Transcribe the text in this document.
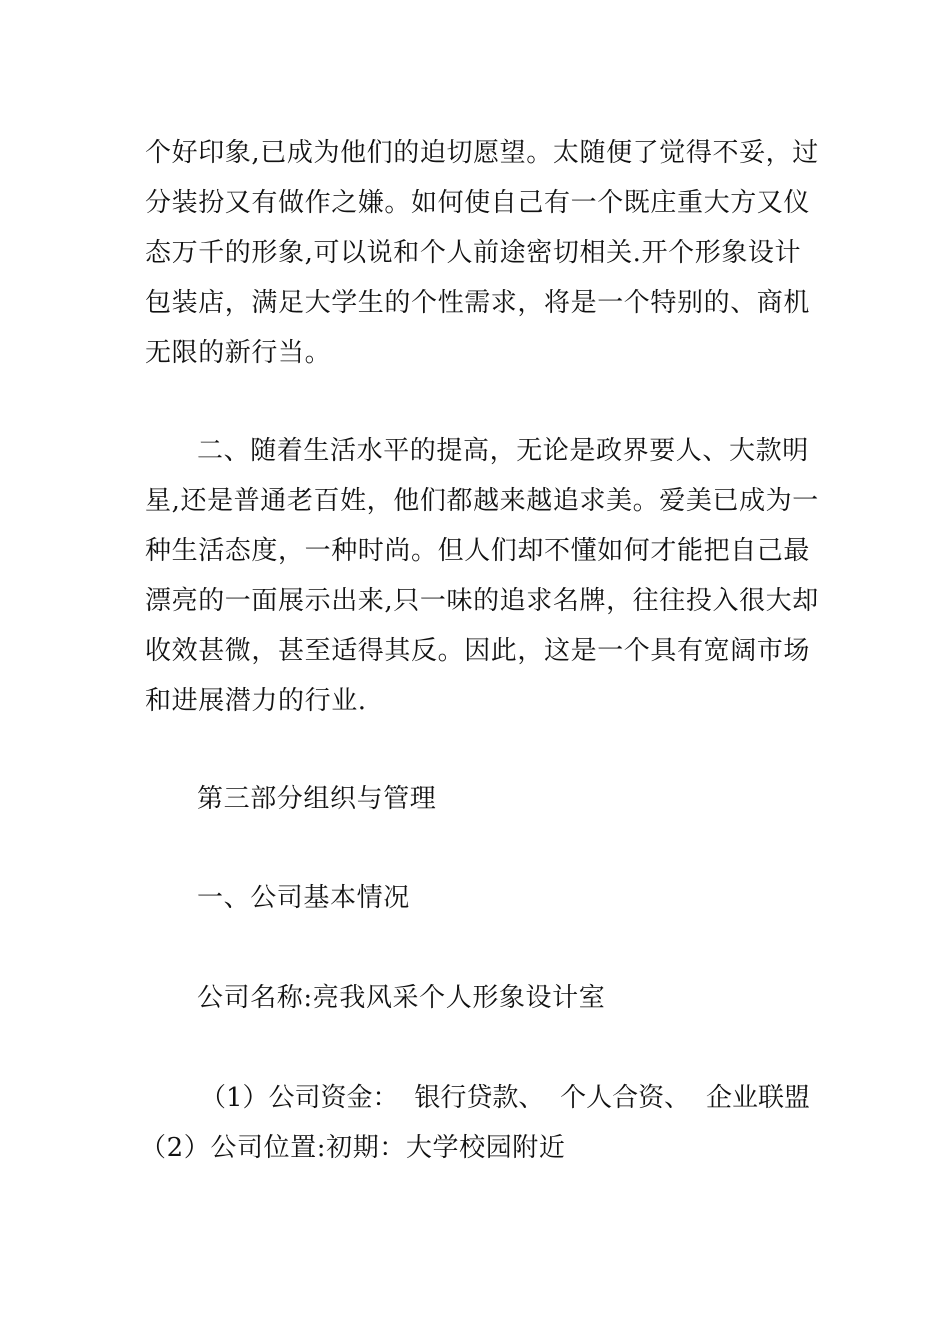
个好印象,已成为他们的迫切愿望。太随便了觉得不妥，过
分装扮又有做作之嫌。如何使自己有一个既庄重大方又仪
态万千的形象,可以说和个人前途密切相关.开个形象设计
包装店，满足大学生的个性需求，将是一个特别的、商机
无限的新行当。
二、随着生活水平的提高，无论是政界要人、大款明
星,还是普通老百姓，他们都越来越追求美。爱美已成为一
种生活态度，一种时尚。但人们却不懂如何才能把自己最
漂亮的一面展示出来,只一味的追求名牌，往往投入很大却
收效甚微，甚至适得其反。因此，这是一个具有宽阔市场
和进展潜力的行业.
第三部分组织与管理
一、公司基本情况
公司名称:亮我风采个人形象设计室
（1）公司资金： 银行贷款、 个人合资、 企业联盟
（2）公司位置:初期：大学校园附近
